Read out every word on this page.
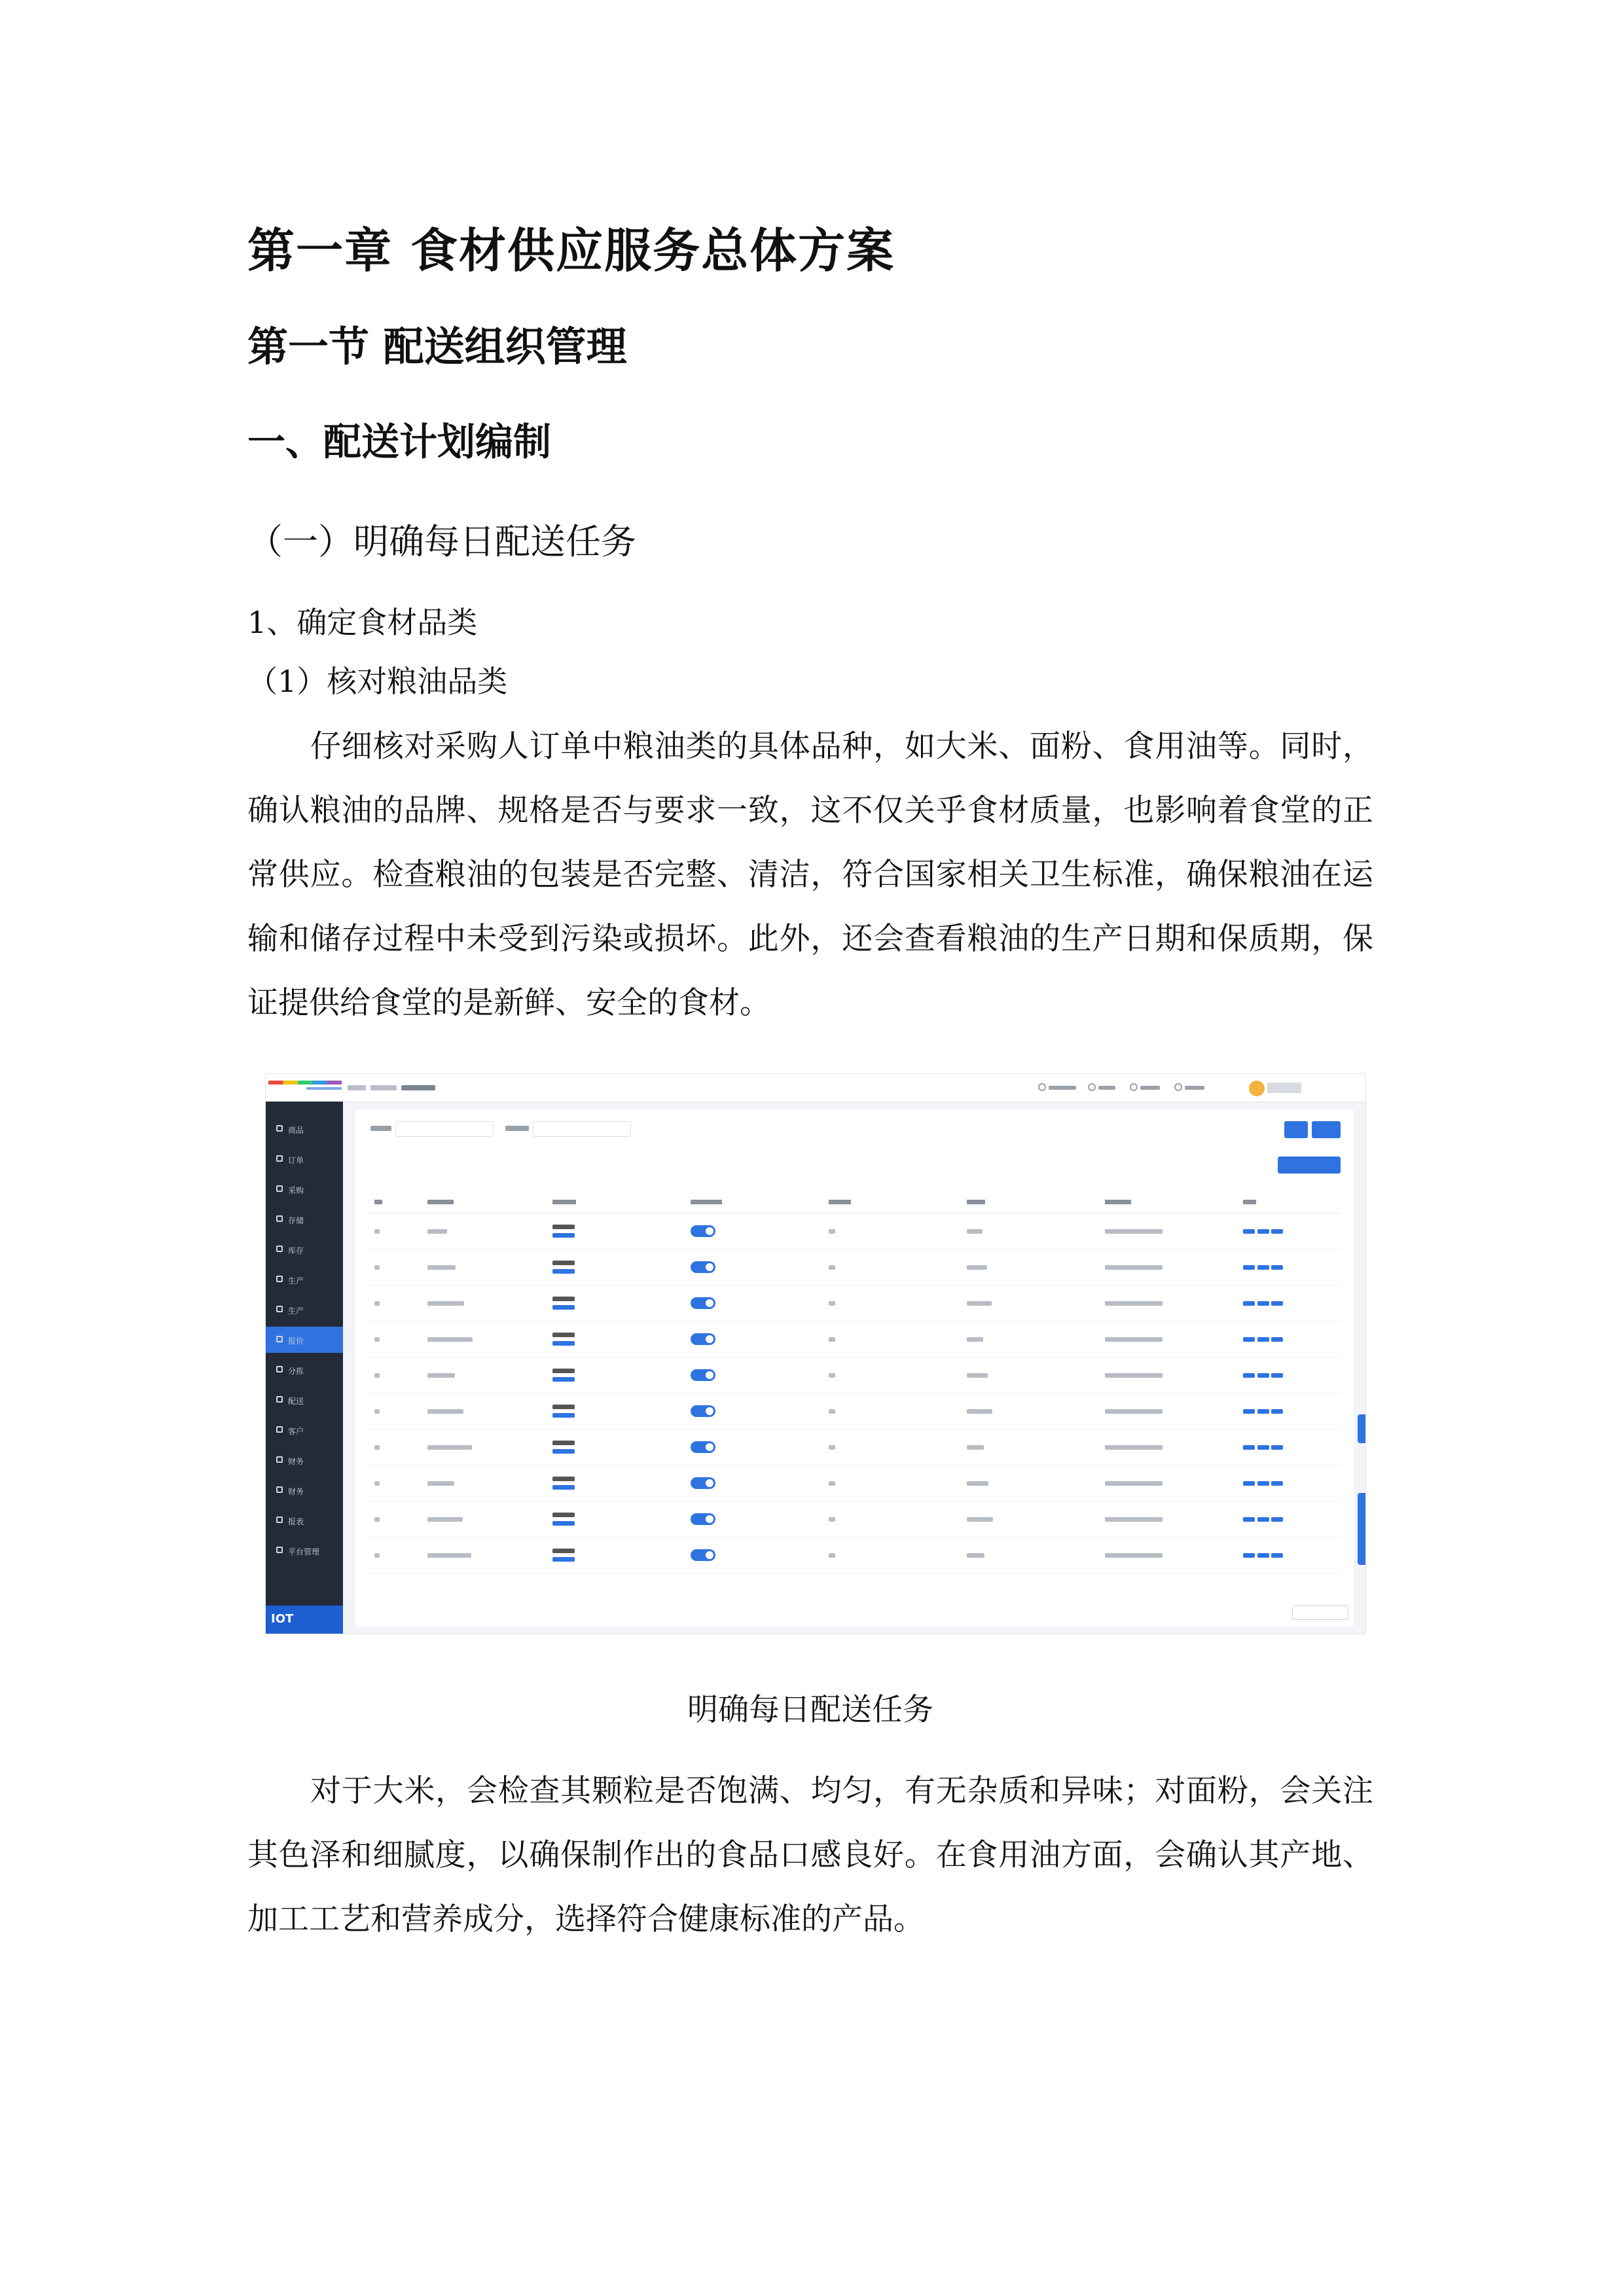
第一章 食材供应服务总体方案
第一节 配送组织管理
一、配送计划编制
（一）明确每日配送任务
1、确定食材品类
（1）核对粮油品类

仔细核对采购人订单中粮油类的具体品种，如大米、面粉、食用油等。同时，确认粮油的品牌、规格是否与要求一致，这不仅关乎食材质量，也影响着食堂的正常供应。检查粮油的包装是否完整、清洁，符合国家相关卫生标准，确保粮油在运输和储存过程中未受到污染或损坏。此外，还会查看粮油的生产日期和保质期，保证提供给食堂的是新鲜、安全的食材。

商品
订单
采购
存储
库存
生产
生产
报价
分拣
配送
客户
财务
财务
报表
平台管理
IOT

明确每日配送任务

对于大米，会检查其颗粒是否饱满、均匀，有无杂质和异味；对面粉，会关注其色泽和细腻度，以确保制作出的食品口感良好。在食用油方面，会确认其产地、加工工艺和营养成分，选择符合健康标准的产品。
